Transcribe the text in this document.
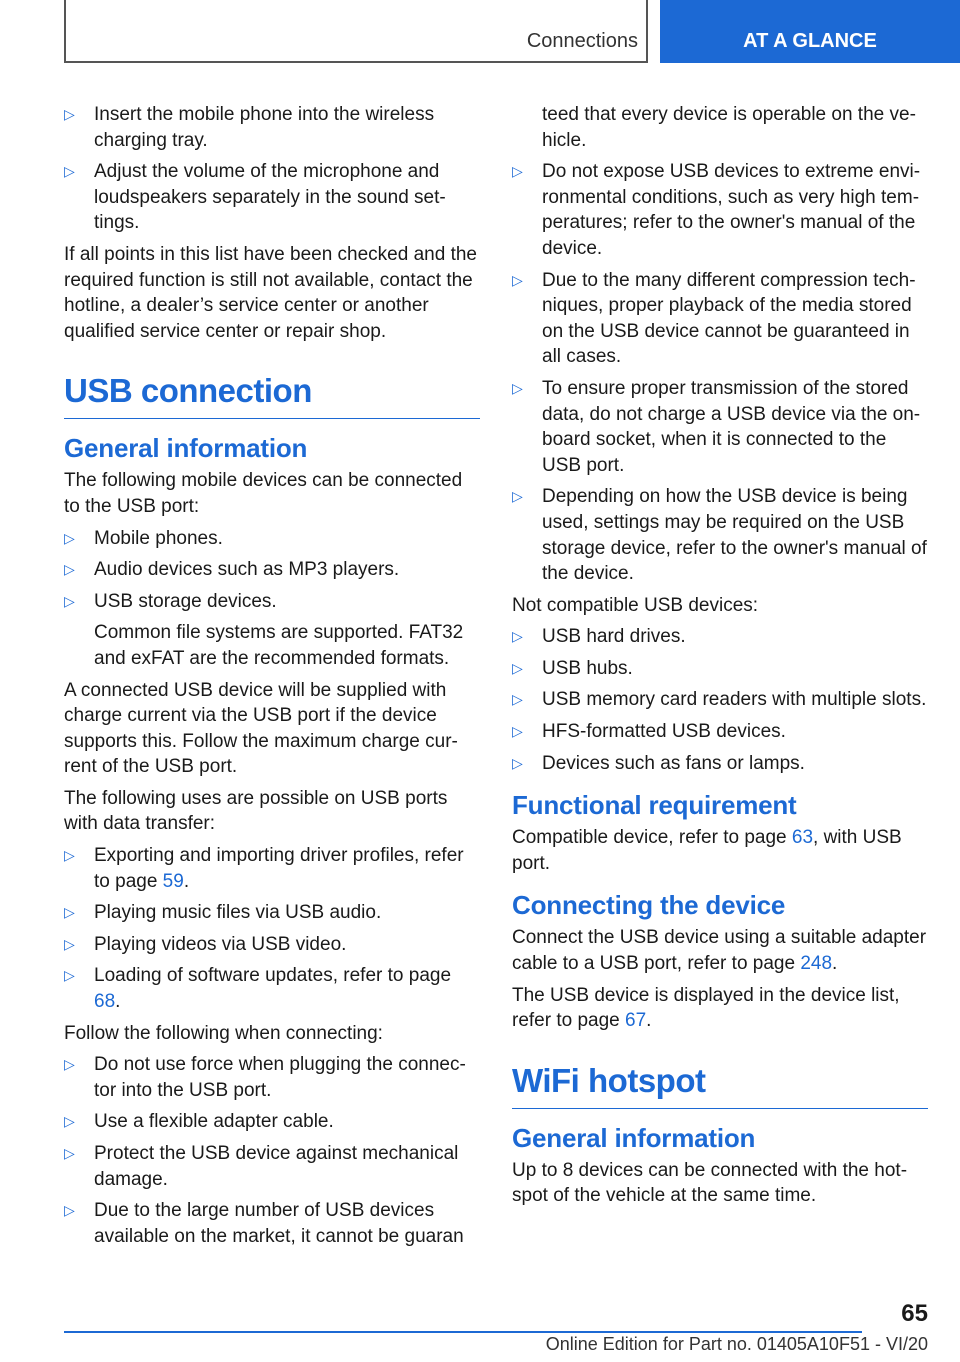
Connections	AT A GLANCE
▷ Insert the mobile phone into the wireless charging tray.
▷ Adjust the volume of the microphone and loudspeakers separately in the sound settings.

If all points in this list have been checked and the required function is still not available, contact the hotline, a dealer’s service center or another qualified service center or repair shop.

USB connection
General information

The following mobile devices can be connected to the USB port:

▷ Mobile phones.
▷ Audio devices such as MP3 players.
▷ USB storage devices.
Common file systems are supported. FAT32 and exFAT are the recommended formats.

A connected USB device will be supplied with charge current via the USB port if the device supports this. Follow the maximum charge current of the USB port.

The following uses are possible on USB ports with data transfer:

▷ Exporting and importing driver profiles, refer to page 59.
▷ Playing music files via USB audio.
▷ Playing videos via USB video.
▷ Loading of software updates, refer to page 68.

Follow the following when connecting:

▷ Do not use force when plugging the connector into the USB port.
▷ Use a flexible adapter cable.
▷ Protect the USB device against mechanical damage.
▷ Due to the large number of USB devices available on the market, it cannot be guaran

teed that every device is operable on the vehicle.

▷ Do not expose USB devices to extreme environmental conditions, such as very high temperatures; refer to the owner's manual of the device.
▷ Due to the many different compression techniques, proper playback of the media stored on the USB device cannot be guaranteed in all cases.
▷ To ensure proper transmission of the stored data, do not charge a USB device via the on-board socket, when it is connected to the USB port.
▷ Depending on how the USB device is being used, settings may be required on the USB storage device, refer to the owner's manual of the device.

Not compatible USB devices:

▷ USB hard drives.
▷ USB hubs.
▷ USB memory card readers with multiple slots.
▷ HFS-formatted USB devices.
▷ Devices such as fans or lamps.
Functional requirement

Compatible device, refer to page 63, with USB port.

Connecting the device

Connect the USB device using a suitable adapter cable to a USB port, refer to page 248.

The USB device is displayed in the device list, refer to page 67.

WiFi hotspot
General information

Up to 8 devices can be connected with the hotspot of the vehicle at the same time.

65
Online Edition for Part no. 01405A10F51 - VI/20
